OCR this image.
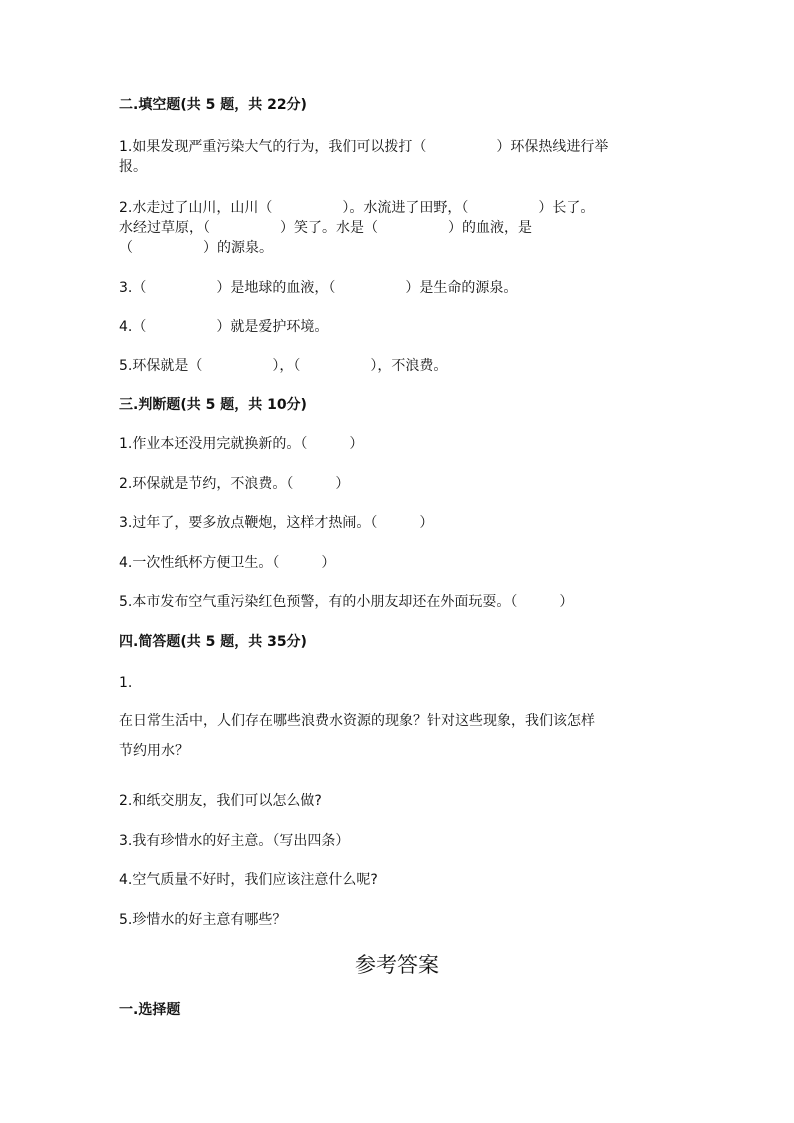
二.填空题(共 5 题，共 22分)
1.如果发现严重污染大气的行为，我们可以拨打（　　　　　）环保热线进行举
报。
2.水走过了山川，山川（　　　　　）。水流进了田野，（　　　　　）长了。
水经过草原，（　　　　　）笑了。水是（　　　　　）的血液，是
（　　　　　）的源泉。
3.（　　　　　）是地球的血液，（　　　　　）是生命的源泉。
4.（　　　　　）就是爱护环境。
5.环保就是（　　　　　），（　　　　　），不浪费。
三.判断题(共 5 题，共 10分)
1.作业本还没用完就换新的。（　　　）
2.环保就是节约，不浪费。（　　　）
3.过年了，要多放点鞭炮，这样才热闹。（　　　）
4.一次性纸杯方便卫生。（　　　）
5.本市发布空气重污染红色预警，有的小朋友却还在外面玩耍。（　　　）
四.简答题(共 5 题，共 35分)
1.
在日常生活中，人们存在哪些浪费水资源的现象？针对这些现象，我们该怎样
节约用水？
2.和纸交朋友，我们可以怎么做?
3.我有珍惜水的好主意。（写出四条）
4.空气质量不好时，我们应该注意什么呢?
5.珍惜水的好主意有哪些？
参考答案
一.选择题
